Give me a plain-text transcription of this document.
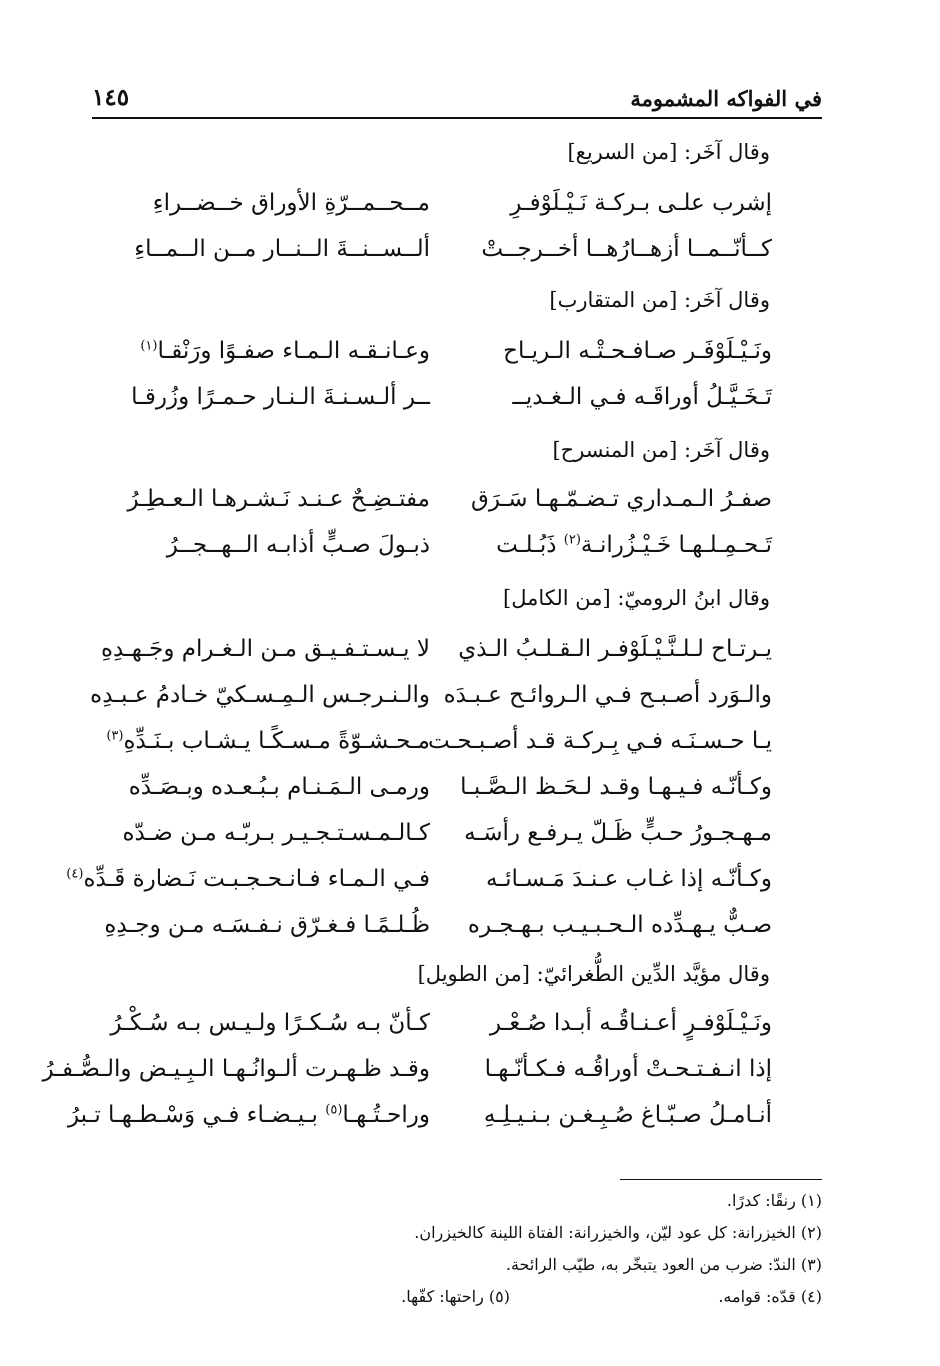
في الفواكه المشمومة
١٤٥
وقال آخَر: [من السريع]
إشرب علـى بـركـة نَـيْـلَوْفـرِ
مــحــمــرّةِ الأوراق خــضــراءِ
كــأنّــمــا أزهــارُهــا أخــرجــتْ
ألــســنــةَ الــنــار مــن الــمــاءِ
وقال آخَر: [من المتقارب]
ونَـيْـلَوْفَـر صـافـحـتْـه الـريـاح
وعـانـقـه الـمـاء صفـوًا ورَنْقـا$^{(١)}$
تَـخَـيَّـلُ أوراقَـه فـي الـغـديــ
ــر ألـسـنـةَ الـنـار حـمـرًا وزُرقـا
وقال آخَر: [من المنسرح]
صفـرُ الـمـداري تـضـمّـهـا سَـرَق
مفتـضِـحٌ عـنـد نَـشـرهـا الـعـطِـرُ
تَـحـمِـلـهـا خَـيْـزُرانـة$^{(٢)}$ ذَبُـلـت
ذبـولَ صـبٍّ أذابـه الــهــجــرُ
وقال ابنُ الروميّ: [من الكامل]
يـرتـاح لـلـنَّـيْـلَوْفـر الـقـلـبُ الـذي
لا يـسـتـفـيـق مـن الـغـرام وجَـهـدِهِ
والـوَرد أصـبـح فـي الـروائـح عـبـدَه
والـنـرجـس الـمِـسـكيّ خـادمُ عـبـدِه
يـا حـسـنَـه فـي بِـركـة قـد أصـبـحـت
مـحـشـوّةً مـسـكًـا يـشـاب بـنَـدِّهِ$^{(٣)}$
وكـأنّـه فـيـهـا وقـد لـحَـظ الـصَّـبـا
ورمـى الـمَـنـام بـبُـعـده وبـصَـدِّه
مـهـجـورُ حـبٍّ ظَـلّ يـرفـع رأسَـه
كـالـمـسـتـجـيـر بـربّـه مـن ضـدّه
وكـأنّـه إذا غـاب عـنـدَ مَـسـائـه
فـي الـمـاء فـانـحـجـبـت نَـضارة قَـدِّه$^{(٤)}$
صـبٌّ يـهـدِّده الـحـبـيـب بـهـجـره
ظُـلـمًـا فـغـرّق نـفـسَـه مـن وجـدِهِ
وقال مؤيَّد الدِّين الطُّغرائيّ: [من الطويل]
ونَـيْـلَوْفـرٍ أعـنـاقُـه أبـدا صُـعْـر
كـأنّ بـه سُـكـرًا ولـيـس بـه سُـكْـرُ
إذا انـفـتـحـتْ أوراقُـه فـكـأنّـهـا
وقـد ظـهـرت ألـوانُـهـا الـبِـيـض والـصُّـفـرُ
أنـامـلُ صـبّـاغ صُـبِـغـن بـنـيـلِـهِ
وراحـتُـهـا$^{(٥)}$ بـيـضـاء فـي وَسْـطـهـا تـبرُ
(١) رنقًا: كدرًا.
(٢) الخيزرانة: كل عود ليّن، والخيزرانة: الفتاة اللينة كالخيزران.
(٣) الندّ: ضرب من العود يتبخّر به، طيّب الرائحة.
(٤) قدّه: قوامه.
(٥) راحتها: كفّها.
